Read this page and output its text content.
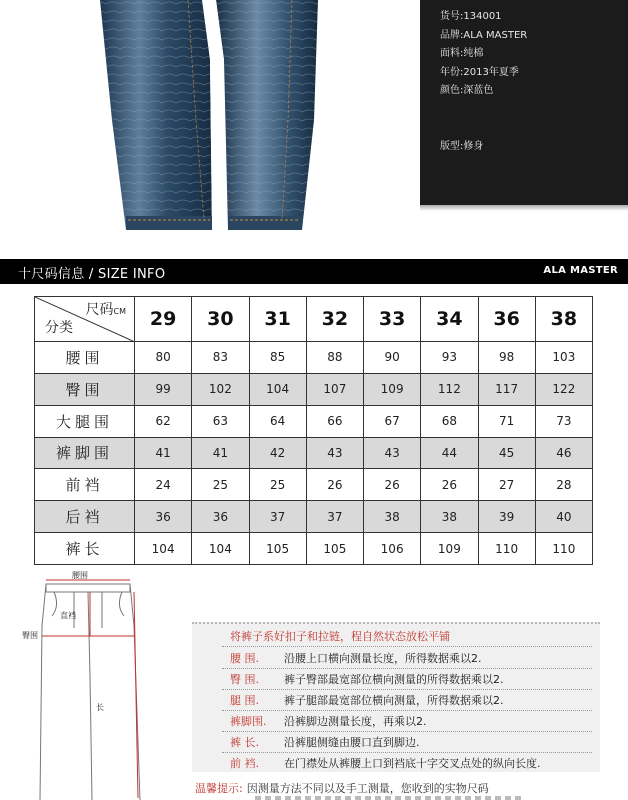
货号:134001
品牌:ALA MASTER
面料:纯棉
年份:2013年夏季
颜色:深蓝色
版型:修身
十尺码信息 / SIZE INFO	ALA MASTER
尺码CM
分类	29	30	31	32	33	34	36	38
腰围	80	83	85	88	90	93	98	103
臀围	99	102	104	107	109	112	117	122
大腿围	62	63	64	66	67	68	71	73
裤脚围	41	41	42	43	43	44	45	46
前裆	24	25	25	26	26	26	27	28
后裆	36	36	37	37	38	38	39	40
裤长	104	104	105	105	106	109	110	110
腰围
直裆
臀围
长
将裤子系好扣子和拉链，程自然状态放松平铺
腰 围. 沿腰上口横向测量长度，所得数据乘以2.
臀 围. 裤子臀部最宽部位横向测量的所得数据乘以2.
腿 围. 裤子腿部最宽部位横向测量，所得数据乘以2.
裤脚围. 沿裤脚边测量长度，再乘以2.
裤 长. 沿裤腿侧缝由腰口直到脚边.
前 裆. 在门襟处从裤腰上口到裆底十字交叉点处的纵向长度.
温馨提示: 因测量方法不同以及手工测量，您收到的实物尺码
